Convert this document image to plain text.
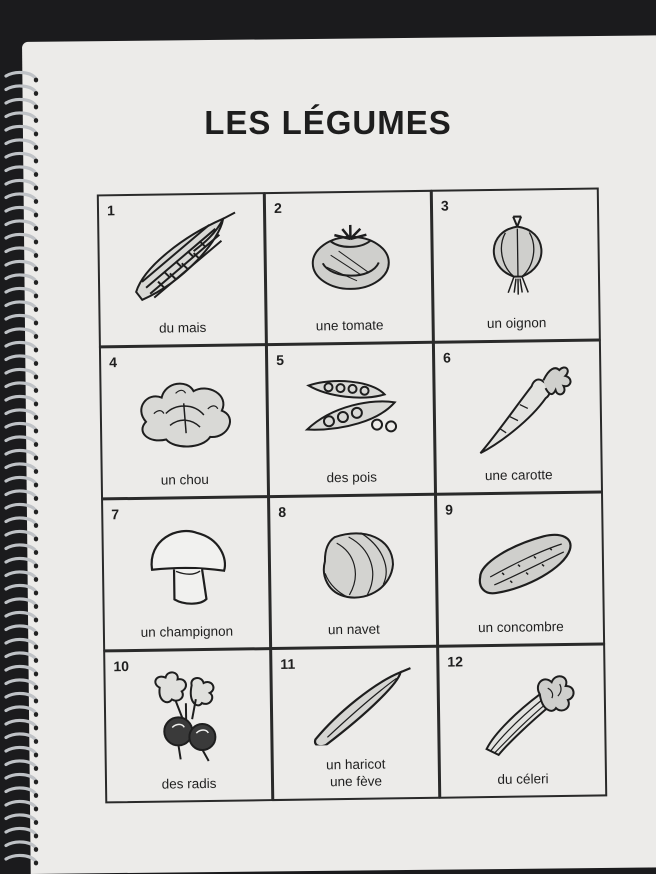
LES LÉGUMES
1
du mais
2
une tomate
3
un oignon
4
un chou
5
des pois
6
une carotte
7
un champignon
8
un navet
9
un concombre
10
des radis
11
un haricot
une fève
12
du céleri
